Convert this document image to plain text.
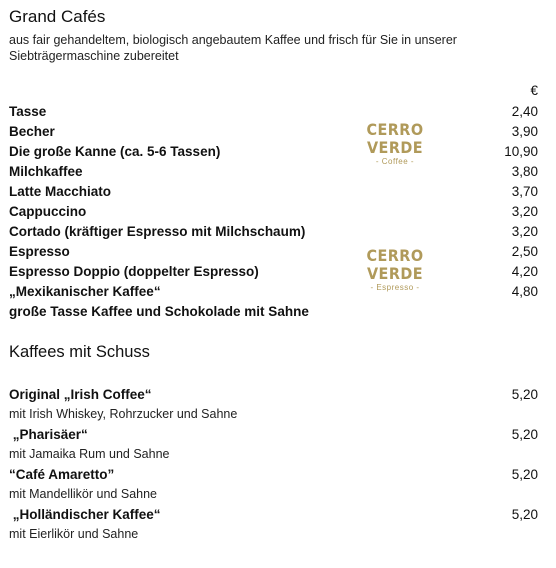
Grand Cafés
aus fair gehandeltem, biologisch angebautem Kaffee und frisch für Sie in unserer Siebträgermaschine zubereitet
€
Tasse	2,40
Becher	3,90
Die große Kanne (ca. 5-6 Tassen)	10,90
Milchkaffee	3,80
Latte Macchiato	3,70
Cappuccino	3,20
Cortado (kräftiger Espresso mit Milchschaum)	3,20
Espresso	2,50
Espresso Doppio (doppelter Espresso)	4,20
„Mexikanischer Kaffee“	4,80
große Tasse Kaffee und Schokolade mit Sahne
CERRO VERDE
- Coffee -
CERRO VERDE
- Espresso -
Kaffees mit Schuss
Original „Irish Coffee“	5,20
mit Irish Whiskey, Rohrzucker und Sahne
„Pharisäer“	5,20
mit Jamaika Rum und Sahne
“Café Amaretto”	5,20
mit Mandellikör und Sahne
„Holländischer Kaffee“	5,20
mit Eierlikör und Sahne
